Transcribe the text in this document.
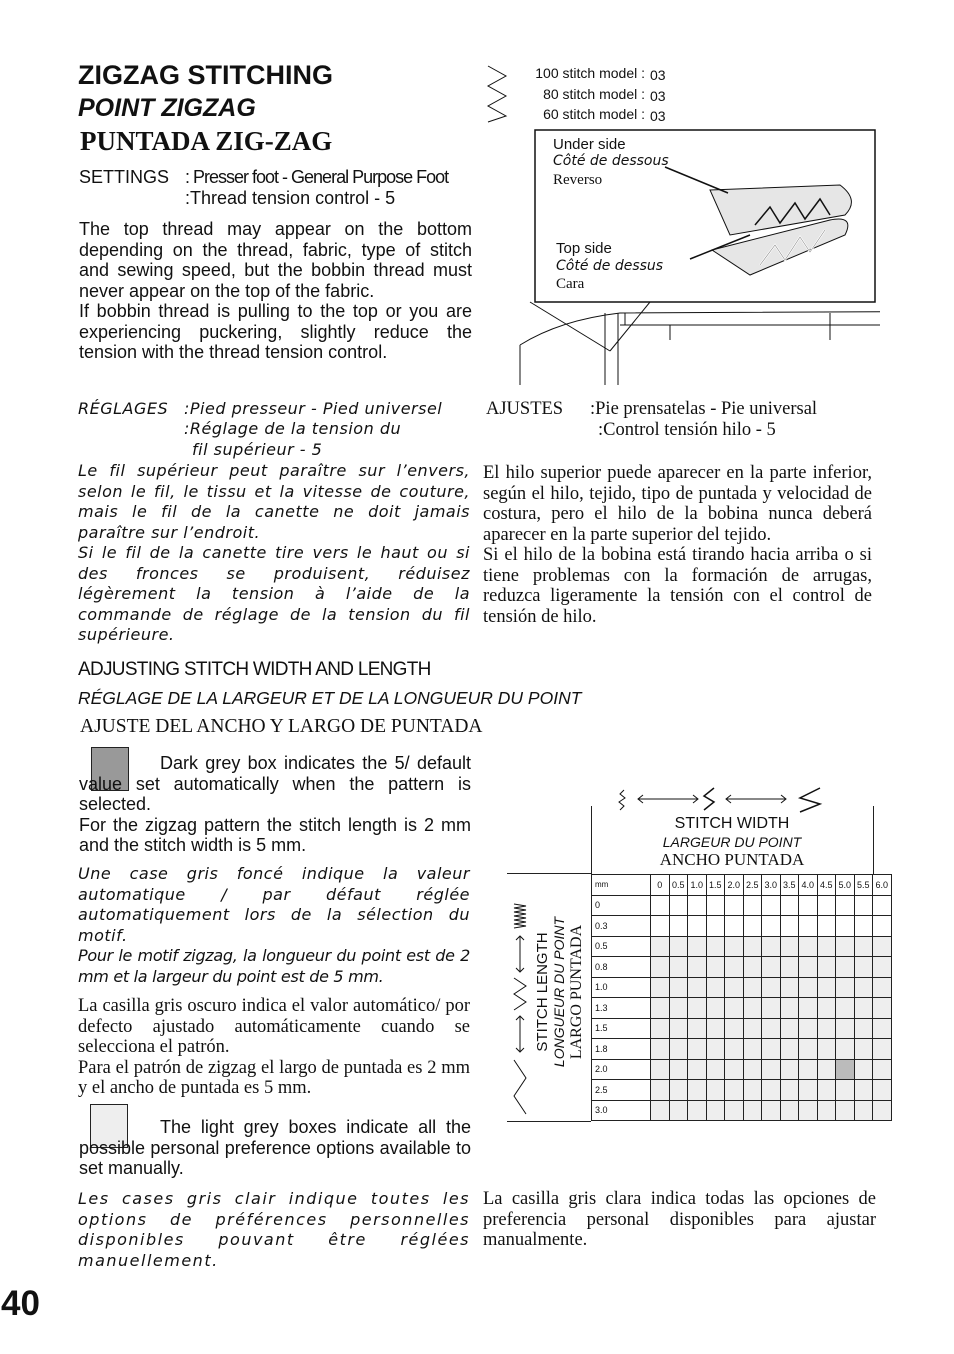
ZIGZAG STITCHING
POINT ZIGZAG
PUNTADA ZIG-ZAG
SETTINGS : Presser foot - General Purpose Foot
:Thread tension control - 5

The top thread may appear on the bottom depending on the thread, fabric, type of stitch and sewing speed, but the bobbin thread must never appear on the top of the fabric.

If bobbin thread is pulling to the top or you are experiencing puckering, slightly reduce the tension with the thread tension control.

RÉGLAGES :Pied presseur - Pied universel
:Réglage de la tension du
fil supérieur - 5

Le fil supérieur peut paraître sur l’envers, selon le fil, le tissu et la vitesse de couture, mais le fil de la canette ne doit jamais paraître sur l’endroit.

Si le fil de la canette tire vers le haut ou si des fronces se produisent, réduisez légèrement la tension à l’aide de la commande de réglage de la tension du fil supérieure.

100 stitch model :
80 stitch model :
60 stitch model :
03
03
03
Under side
Côté de dessous
Reverso
Top side
Côté de dessus
Cara
AJUSTES :Pie prensatelas - Pie universal
:Control tensión hilo - 5

El hilo superior puede aparecer en la parte inferior, según el hilo, tejido, tipo de puntada y velocidad de costura, pero el hilo de la bobina nunca deberá aparecer en la parte superior del tejido.

Si el hilo de la bobina está tirando hacia arriba o si tiene problemas con la formación de arrugas, reduzca ligeramente la tensión con el control de tensión de hilo.

ADJUSTING STITCH WIDTH AND LENGTH
RÉGLAGE DE LA LARGEUR ET DE LA LONGUEUR DU POINT
AJUSTE DEL ANCHO Y LARGO DE PUNTADA

Dark grey box indicates the 5/ default value set automatically when the pattern is selected.

For the zigzag pattern the stitch length is 2 mm and the stitch width is 5 mm.

Une case gris foncé indique la valeur automatique / par défaut réglée automatiquement lors de la sélection du motif.

Pour le motif zigzag, la longueur du point est de 2 mm et la largeur du point est de 5 mm.

La casilla gris oscuro indica el valor automático/ por defecto ajustado automáticamente cuando se selecciona el patrón.

Para el patrón de zigzag el largo de puntada es 2 mm y el ancho de puntada es 5 mm.

The light grey boxes indicate all the possible personal preference options available to set manually.
Les cases gris clair indique toutes les options de préférences personnelles disponibles pouvant être réglées manuellement.
La casilla gris clara indica todas las opciones de preferencia personal disponibles para ajustar manualmente.
STITCH WIDTH
LARGEUR DU POINT
ANCHO PUNTADA
STITCH LENGTH LONGUEUR DU POINT LARGO PUNTADA
mm	0	0.5	1.0	1.5	2.0	2.5	3.0	3.5	4.0	4.5	5.0	5.5	6.0
0													
0.3													
0.5													
0.8													
1.0													
1.3													
1.5													
1.8													
2.0													
2.5													
3.0													
40
